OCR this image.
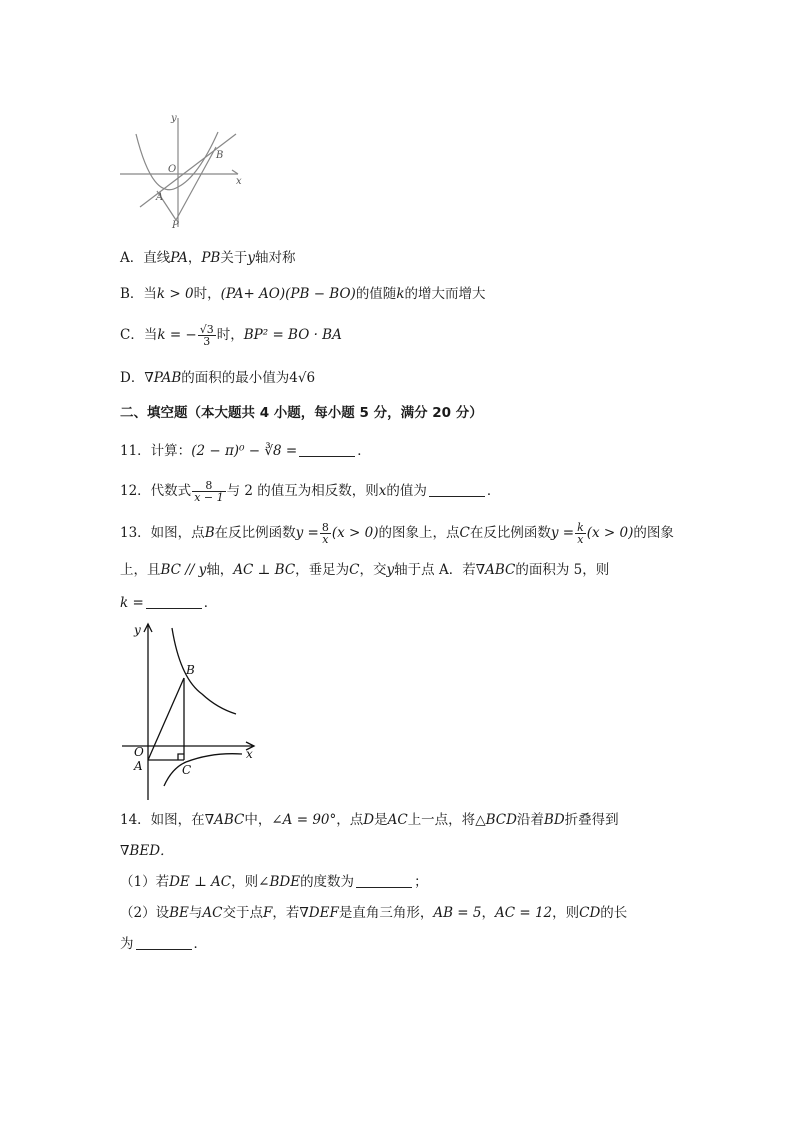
y
x
O
A
B
P
A．直线PA，PB关于y轴对称
B．当k > 0时，(PA+ AO)(PB − BO)的值随k的增大而增大
C．当k = − $\frac{√3}{3}$ 时，BP² = BO · BA
D．∇PAB的面积的最小值为4√6
二、填空题（本大题共 4 小题，每小题 5 分，满分 20 分）
11．计算：(2 − π)⁰ − ∛8 =	．
12．代数式 $\frac{8}{x - 1}$ 与 2 的值互为相反数，则x的值为	．
13．如图，点B在反比例函数$y = \frac{8}{x} (x > 0)$的图象上，点C在反比例函数$y = \frac{k}{x} (x > 0)$的图象
上，且BC // y轴，AC ⊥ BC，垂足为C，交y轴于点 A．若∇ABC的面积为 5，则
k =	．
y
x
O
A
B
C
14．如图，在∇ABC中，∠A = 90°，点D是AC上一点，将△BCD沿着BD折叠得到
∇BED．
（1）若DE ⊥ AC，则∠BDE的度数为	；
（2）设BE与AC交于点F，若∇DEF是直角三角形，AB = 5，AC = 12，则CD的长
为	．
